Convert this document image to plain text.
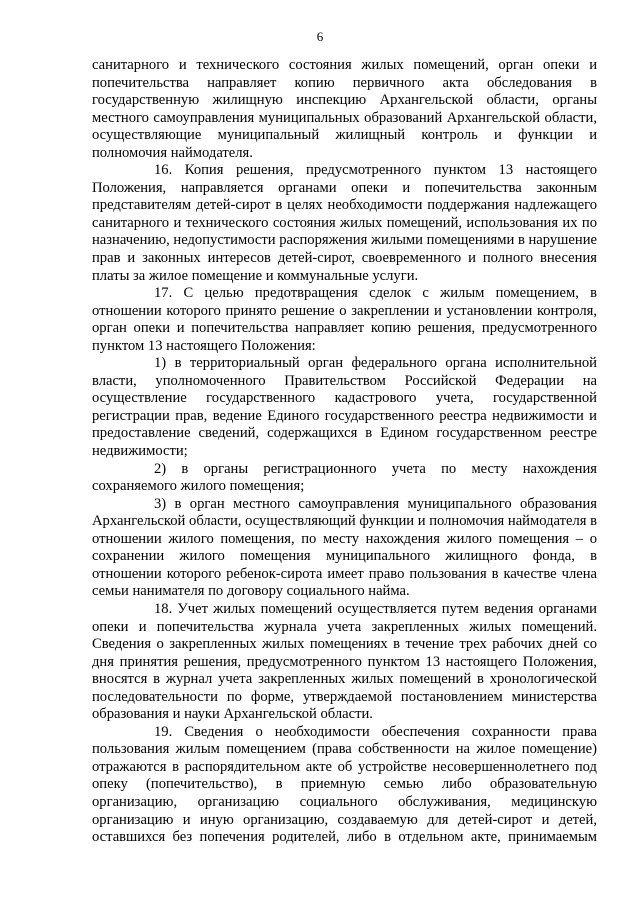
6

санитарного и технического состояния жилых помещений, орган опеки и попечительства направляет копию первичного акта обследования в государственную жилищную инспекцию Архангельской области, органы местного самоуправления муниципальных образований Архангельской области, осуществляющие муниципальный жилищный контроль и функции и полномочия наймодателя.

16. Копия решения, предусмотренного пунктом 13 настоящего Положения, направляется органами опеки и попечительства законным представителям детей-сирот в целях необходимости поддержания надлежащего санитарного и технического состояния жилых помещений, использования их по назначению, недопустимости распоряжения жилыми помещениями в нарушение прав и законных интересов детей-сирот, своевременного и полного внесения платы за жилое помещение и коммунальные услуги.

17. С целью предотвращения сделок с жилым помещением, в отношении которого принято решение о закреплении и установлении контроля, орган опеки и попечительства направляет копию решения, предусмотренного пунктом 13 настоящего Положения:

1) в территориальный орган федерального органа исполнительной власти, уполномоченного Правительством Российской Федерации на осуществление государственного кадастрового учета, государственной регистрации прав, ведение Единого государственного реестра недвижимости и предоставление сведений, содержащихся в Едином государственном реестре недвижимости;

2) в органы регистрационного учета по месту нахождения сохраняемого жилого помещения;

3) в орган местного самоуправления муниципального образования Архангельской области, осуществляющий функции и полномочия наймодателя в отношении жилого помещения, по месту нахождения жилого помещения – о сохранении жилого помещения муниципального жилищного фонда, в отношении которого ребенок-сирота имеет право пользования в качестве члена семьи нанимателя по договору социального найма.

18. Учет жилых помещений осуществляется путем ведения органами опеки и попечительства журнала учета закрепленных жилых помещений. Сведения о закрепленных жилых помещениях в течение трех рабочих дней со дня принятия решения, предусмотренного пунктом 13 настоящего Положения, вносятся в журнал учета закрепленных жилых помещений в хронологической последовательности по форме, утверждаемой постановлением министерства образования и науки Архангельской области.

19. Сведения о необходимости обеспечения сохранности права пользования жилым помещением (права собственности на жилое помещение) отражаются в распорядительном акте об устройстве несовершеннолетнего под опеку (попечительство), в приемную семью либо образовательную организацию, организацию социального обслуживания, медицинскую организацию и иную организацию, создаваемую для детей-сирот и детей, оставшихся без попечения родителей, либо в отдельном акте, принимаемым
